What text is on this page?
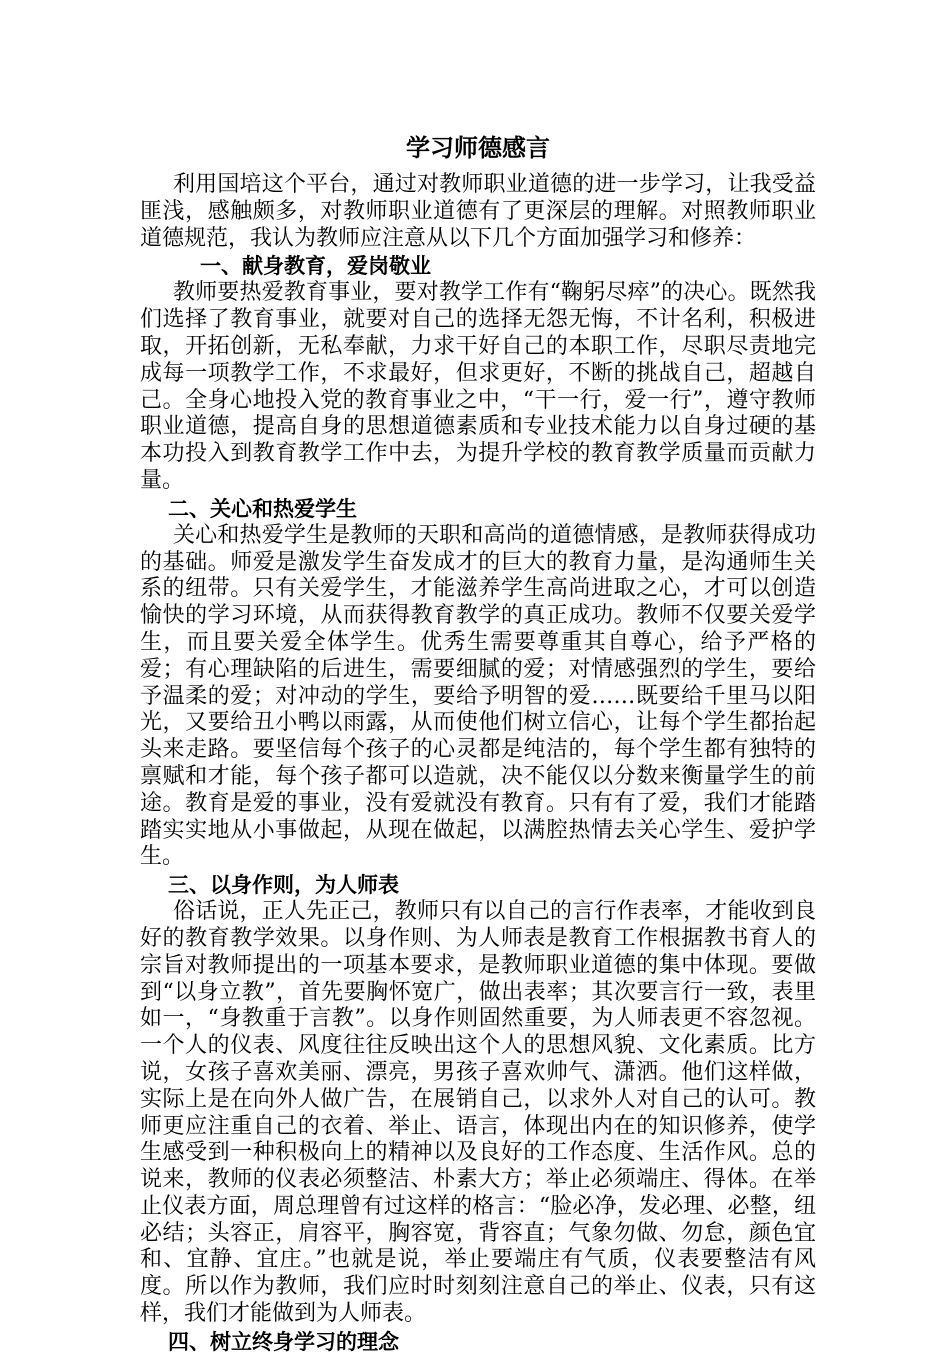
学习师德感言

利用国培这个平台，通过对教师职业道德的进一步学习，让我受益匪浅，感触颇多，对教师职业道德有了更深层的理解。对照教师职业道德规范，我认为教师应注意从以下几个方面加强学习和修养：

一、献身教育，爱岗敬业

教师要热爱教育事业，要对教学工作有“鞠躬尽瘁”的决心。既然我们选择了教育事业，就要对自己的选择无怨无悔，不计名利，积极进取，开拓创新，无私奉献，力求干好自己的本职工作，尽职尽责地完成每一项教学工作，不求最好，但求更好，不断的挑战自己，超越自己。全身心地投入党的教育事业之中，“干一行，爱一行”，遵守教师职业道德，提高自身的思想道德素质和专业技术能力以自身过硬的基本功投入到教育教学工作中去，为提升学校的教育教学质量而贡献力量。

二、关心和热爱学生

关心和热爱学生是教师的天职和高尚的道德情感，是教师获得成功的基础。师爱是激发学生奋发成才的巨大的教育力量，是沟通师生关系的纽带。只有关爱学生，才能滋养学生高尚进取之心，才可以创造愉快的学习环境，从而获得教育教学的真正成功。教师不仅要关爱学生，而且要关爱全体学生。优秀生需要尊重其自尊心，给予严格的爱；有心理缺陷的后进生，需要细腻的爱；对情感强烈的学生，要给予温柔的爱；对冲动的学生，要给予明智的爱……既要给千里马以阳光，又要给丑小鸭以雨露，从而使他们树立信心，让每个学生都抬起头来走路。要坚信每个孩子的心灵都是纯洁的，每个学生都有独特的禀赋和才能，每个孩子都可以造就，决不能仅以分数来衡量学生的前途。教育是爱的事业，没有爱就没有教育。只有有了爱，我们才能踏踏实实地从小事做起，从现在做起，以满腔热情去关心学生、爱护学生。

三、以身作则，为人师表

俗话说，正人先正己，教师只有以自己的言行作表率，才能收到良好的教育教学效果。以身作则、为人师表是教育工作根据教书育人的宗旨对教师提出的一项基本要求，是教师职业道德的集中体现。要做到“以身立教”，首先要胸怀宽广，做出表率；其次要言行一致，表里如一，“身教重于言教”。以身作则固然重要，为人师表更不容忽视。一个人的仪表、风度往往反映出这个人的思想风貌、文化素质。比方说，女孩子喜欢美丽、漂亮，男孩子喜欢帅气、潇洒。他们这样做，实际上是在向外人做广告，在展销自己，以求外人对自己的认可。教师更应注重自己的衣着、举止、语言，体现出内在的知识修养，使学生感受到一种积极向上的精神以及良好的工作态度、生活作风。总的说来，教师的仪表必须整洁、朴素大方；举止必须端庄、得体。在举止仪表方面，周总理曾有过这样的格言：“脸必净，发必理、必整，纽必结；头容正，肩容平，胸容宽，背容直；气象勿做、勿怠，颜色宜和、宜静、宜庄。”也就是说，举止要端庄有气质，仪表要整洁有风度。所以作为教师，我们应时时刻刻注意自己的举止、仪表，只有这样，我们才能做到为人师表。

四、树立终身学习的理念
